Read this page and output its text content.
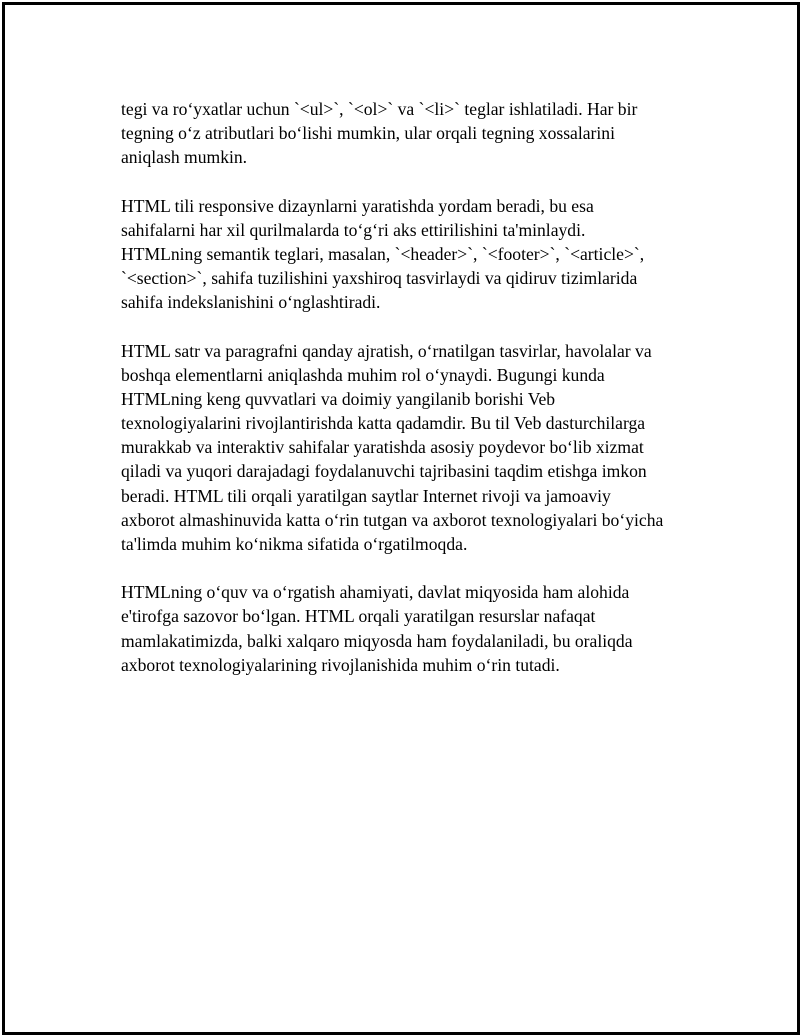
tegi va ro‘yxatlar uchun `<ul>`, `<ol>` va `<li>` teglar ishlatiladi. Har bir
tegning o‘z atributlari bo‘lishi mumkin, ular orqali tegning xossalarini
aniqlash mumkin.

HTML tili responsive dizaynlarni yaratishda yordam beradi, bu esa
sahifalarni har xil qurilmalarda to‘g‘ri aks ettirilishini ta'minlaydi.
HTMLning semantik teglari, masalan, `<header>`, `<footer>`, `<article>`,
`<section>`, sahifa tuzilishini yaxshiroq tasvirlaydi va qidiruv tizimlarida
sahifa indekslanishini o‘nglashtiradi.

HTML satr va paragrafni qanday ajratish, o‘rnatilgan tasvirlar, havolalar va
boshqa elementlarni aniqlashda muhim rol o‘ynaydi. Bugungi kunda
HTMLning keng quvvatlari va doimiy yangilanib borishi Veb
texnologiyalarini rivojlantirishda katta qadamdir. Bu til Veb dasturchilarga
murakkab va interaktiv sahifalar yaratishda asosiy poydevor bo‘lib xizmat
qiladi va yuqori darajadagi foydalanuvchi tajribasini taqdim etishga imkon
beradi. HTML tili orqali yaratilgan saytlar Internet rivoji va jamoaviy
axborot almashinuvida katta o‘rin tutgan va axborot texnologiyalari bo‘yicha
ta'limda muhim ko‘nikma sifatida o‘rgatilmoqda.

HTMLning o‘quv va o‘rgatish ahamiyati, davlat miqyosida ham alohida
e'tirofga sazovor bo‘lgan. HTML orqali yaratilgan resurslar nafaqat
mamlakatimizda, balki xalqaro miqyosda ham foydalaniladi, bu oraliqda
axborot texnologiyalarining rivojlanishida muhim o‘rin tutadi.
